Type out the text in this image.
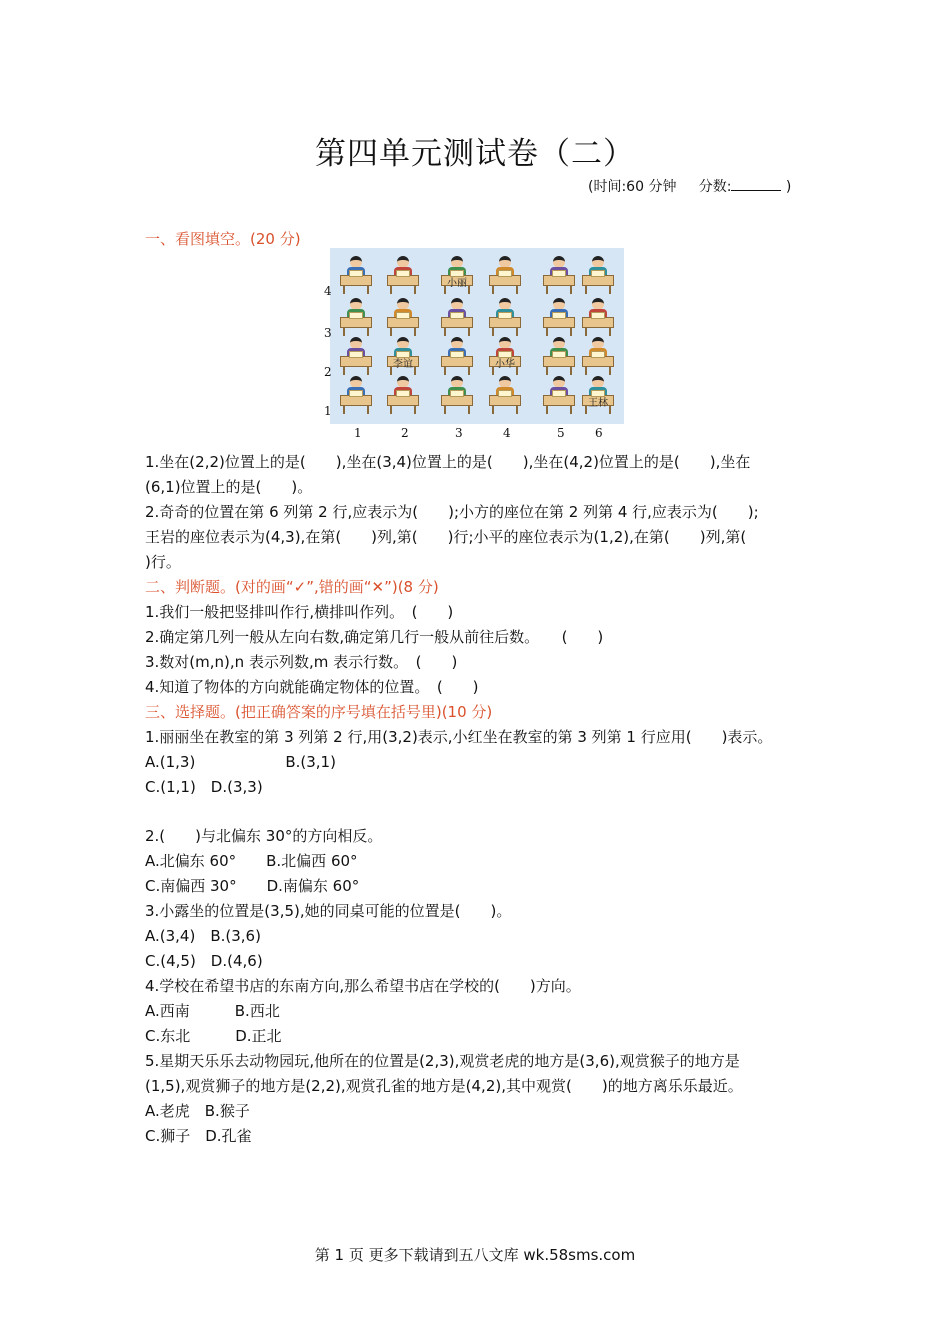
第四单元测试卷（二）
(时间:60 分钟 分数:	)
一、看图填空。(20 分)
小丽
李谊	小华
王林
4
3
2
1
1	2	3	4	5	6
1.坐在(2,2)位置上的是(　　),坐在(3,4)位置上的是(　　),坐在(4,2)位置上的是(　　),坐在
(6,1)位置上的是(　　)。
2.奇奇的位置在第 6 列第 2 行,应表示为(　　);小方的座位在第 2 列第 4 行,应表示为(　　);
王岩的座位表示为(4,3),在第(　　)列,第(　　)行;小平的座位表示为(1,2),在第(　　)列,第(
)行。
二、判断题。(对的画“✓”,错的画“✕”)(8 分)
1.我们一般把竖排叫作行,横排叫作列。　(　　)
2.确定第几列一般从左向右数,确定第几行一般从前往后数。　　(　　)
3.数对(m,n),n 表示列数,m 表示行数。　(　　)
4.知道了物体的方向就能确定物体的位置。　(　　)
三、选择题。(把正确答案的序号填在括号里)(10 分)
1.丽丽坐在教室的第 3 列第 2 行,用(3,2)表示,小红坐在教室的第 3 列第 1 行应用(　　)表示。
A.(1,3)　　　　　　B.(3,1)
C.(1,1)　D.(3,3)
2.(　　)与北偏东 30°的方向相反。
A.北偏东 60°　　B.北偏西 60°
C.南偏西 30°　　D.南偏东 60°
3.小露坐的位置是(3,5),她的同桌可能的位置是(　　)。
A.(3,4)　B.(3,6)
C.(4,5)　D.(4,6)
4.学校在希望书店的东南方向,那么希望书店在学校的(　　)方向。
A.西南　　　B.西北
C.东北　　　D.正北
5.星期天乐乐去动物园玩,他所在的位置是(2,3),观赏老虎的地方是(3,6),观赏猴子的地方是
(1,5),观赏狮子的地方是(2,2),观赏孔雀的地方是(4,2),其中观赏(　　)的地方离乐乐最近。
A.老虎　B.猴子
C.狮子　D.孔雀
第 1 页 更多下载请到五八文库 wk.58sms.com
